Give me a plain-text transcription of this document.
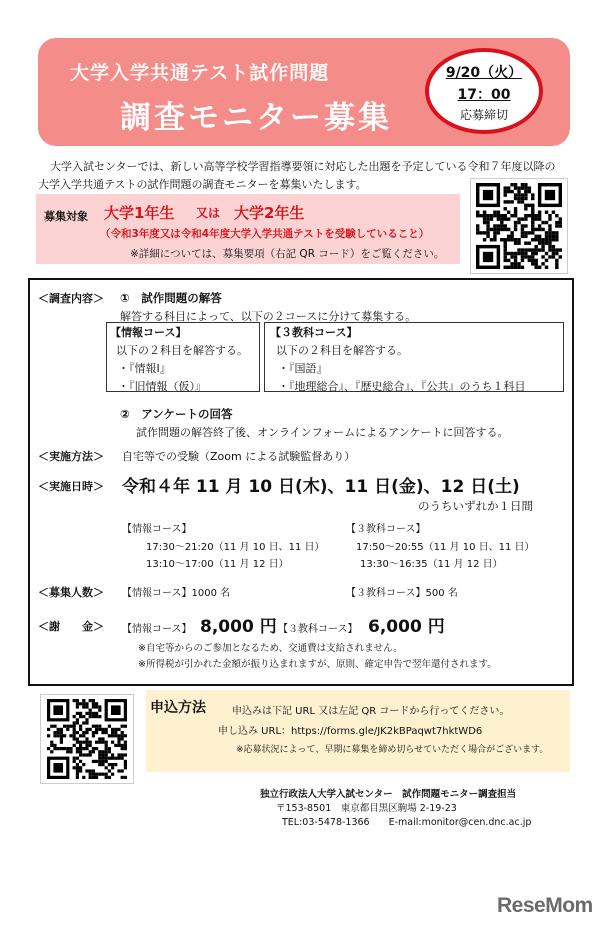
大学入学共通テスト試作問題
調査モニター募集
9/20（火）
17：00
応募締切
大学入試センターでは、新しい高等学校学習指導要領に対応した出題を予定している令和７年度以降の
大学入学共通テストの試作問題の調査モニターを募集いたします。
募集対象 大学1年生 又は 大学2年生
（令和3年度又は令和4年度大学入学共通テストを受験していること）
※詳細については、募集要項（右記 QR コード）をご覧ください。
＜調査内容＞ ①　試作問題の解答
解答する科目によって、以下の２コースに分けて募集する。
【情報コース】
以下の２科目を解答する。
・『情報Ⅰ』
・『旧情報（仮）』
【３教科コース】
以下の２科目を解答する。
・『国語』
・『地理総合』、『歴史総合』、『公共』のうち１科目
②　アンケートの回答
試作問題の解答終了後、オンラインフォームによるアンケートに回答する。
＜実施方法＞ 自宅等での受験（Zoom による試験監督あり）
＜実施日時＞ 令和４年 11 月 10 日(木)、11 日(金)、12 日(土)
のうちいずれか１日間
【情報コース】
17:30～21:20（11 月 10 日、11 日）
13:10～17:00（11 月 12 日）
【３教科コース】
17:50～20:55（11 月 10 日、11 日）
13:30～16:35（11 月 12 日）
＜募集人数＞ 【情報コース】1000 名	【３教科コース】500 名
＜謝　　金＞ 【情報コース】 8,000 円 【３教科コース】 6,000 円
※自宅等からのご参加となるため、交通費は支給されません。
※所得税が引かれた金額が振り込まれますが、原則、確定申告で翌年還付されます。
申込方法	申込みは下記 URL 又は左記 QR コードから行ってください。
申し込み URL：https://forms.gle/JK2kBPaqwt7hktWD6
※応募状況によって、早期に募集を締め切らせていただく場合がございます。
独立行政法人大学入試センター　試作問題モニター調査担当
〒153-8501　東京都目黒区駒場 2-19-23
TEL:03-5478-1366　　E-mail:monitor@cen.dnc.ac.jp
ReseMom
